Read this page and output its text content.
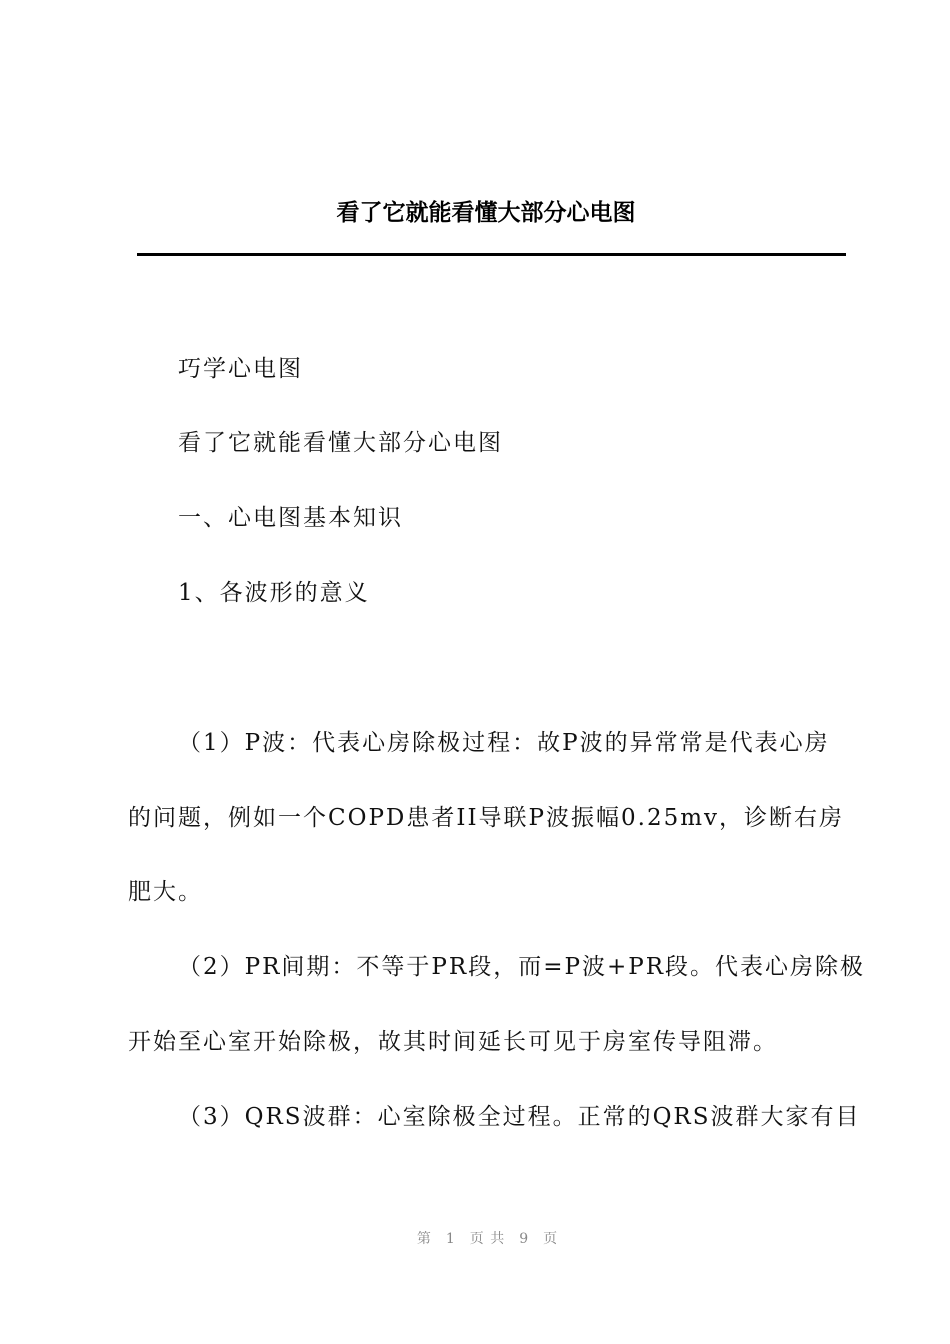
看了它就能看懂大部分心电图
巧学心电图
看了它就能看懂大部分心电图
一、心电图基本知识
1、各波形的意义
（1）P波：代表心房除极过程：故P波的异常常是代表心房
的问题，例如一个COPD患者II导联P波振幅0.25mv，诊断右房
肥大。
（2）PR间期：不等于PR段，而=P波+PR段。代表心房除极
开始至心室开始除极，故其时间延长可见于房室传导阻滞。
（3）QRS波群：心室除极全过程。正常的QRS波群大家有目
第 1 页 共 9 页
